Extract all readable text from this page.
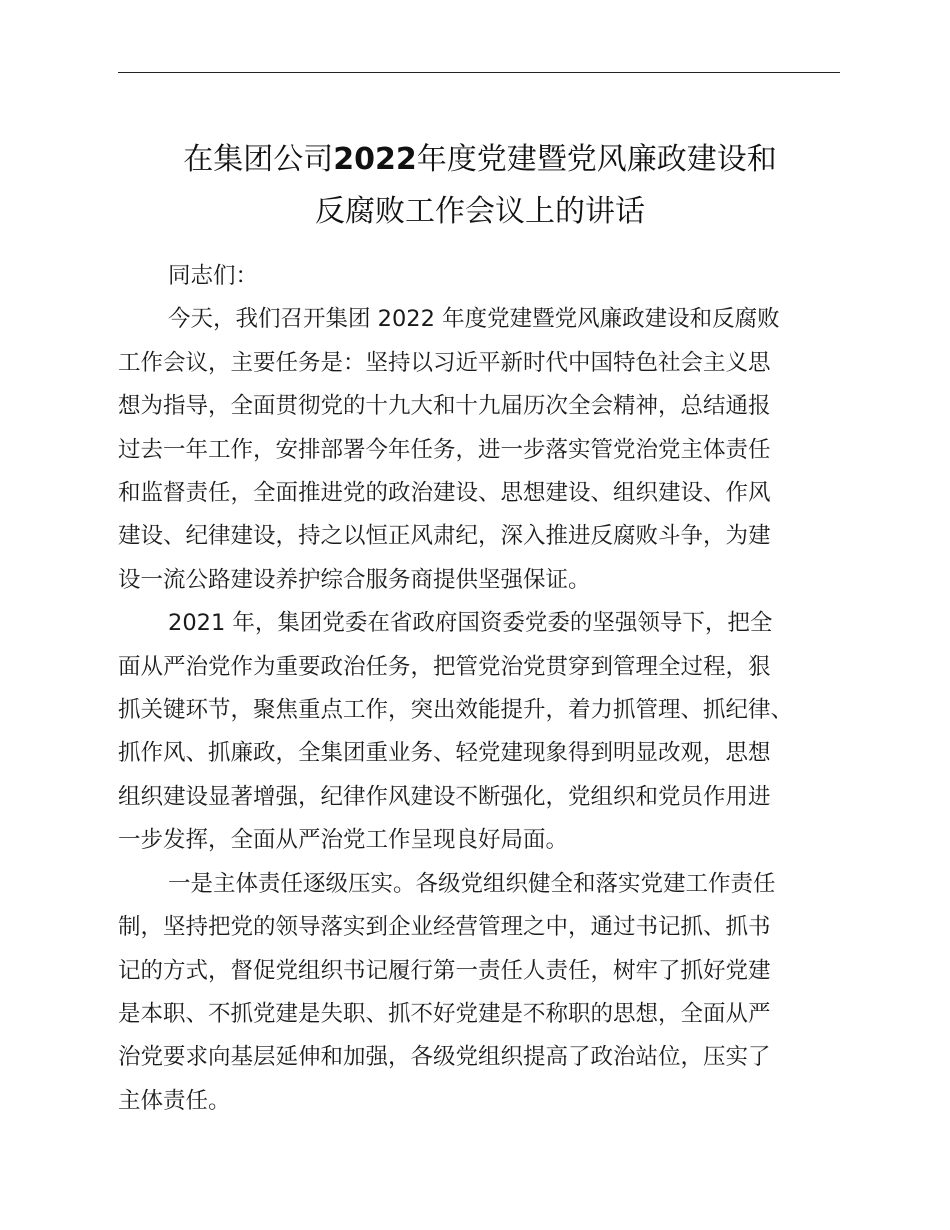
在集团公司2022年度党建暨党风廉政建设和
反腐败工作会议上的讲话

同志们：

今天，我们召开集团 2022 年度党建暨党风廉政建设和反腐败
工作会议，主要任务是：坚持以习近平新时代中国特色社会主义思
想为指导，全面贯彻党的十九大和十九届历次全会精神，总结通报
过去一年工作，安排部署今年任务，进一步落实管党治党主体责任
和监督责任，全面推进党的政治建设、思想建设、组织建设、作风
建设、纪律建设，持之以恒正风肃纪，深入推进反腐败斗争，为建
设一流公路建设养护综合服务商提供坚强保证。

2021 年，集团党委在省政府国资委党委的坚强领导下，把全
面从严治党作为重要政治任务，把管党治党贯穿到管理全过程，狠
抓关键环节，聚焦重点工作，突出效能提升，着力抓管理、抓纪律、
抓作风、抓廉政，全集团重业务、轻党建现象得到明显改观，思想
组织建设显著增强，纪律作风建设不断强化，党组织和党员作用进
一步发挥，全面从严治党工作呈现良好局面。

一是主体责任逐级压实。各级党组织健全和落实党建工作责任
制，坚持把党的领导落实到企业经营管理之中，通过书记抓、抓书
记的方式，督促党组织书记履行第一责任人责任，树牢了抓好党建
是本职、不抓党建是失职、抓不好党建是不称职的思想，全面从严
治党要求向基层延伸和加强，各级党组织提高了政治站位，压实了
主体责任。
